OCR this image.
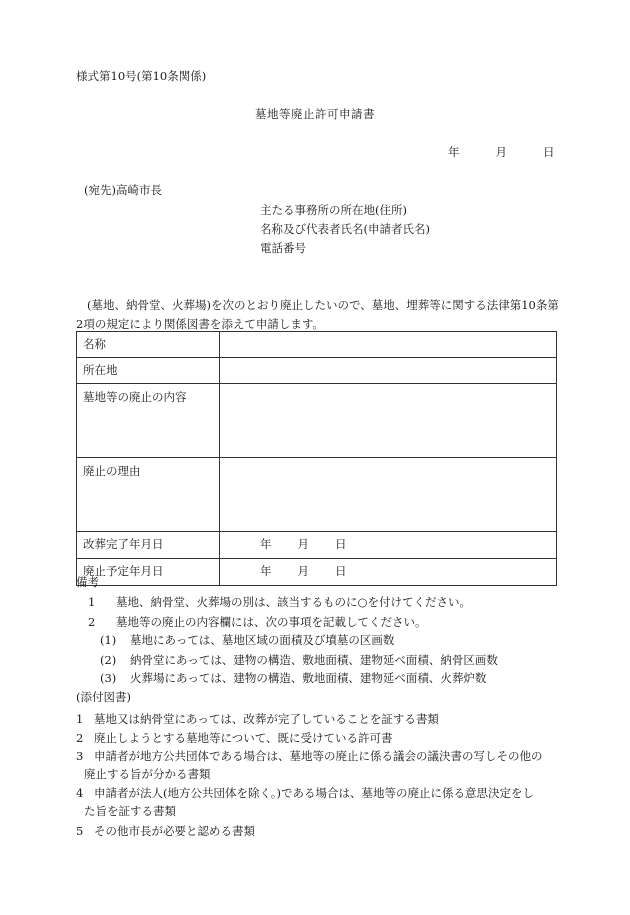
様式第10号(第10条関係)
墓地等廃止許可申請書
年	月	日
(宛先)高崎市長
主たる事務所の所在地(住所)
名称及び代表者氏名(申請者氏名)
電話番号
(墓地、納骨堂、火葬場)を次のとおり廃止したいので、墓地、埋葬等に関する法律第10条第2項の規定により関係図書を添えて申請します。
名称	
所在地	
墓地等の廃止の内容	
廃止の理由	
改葬完了年月日	年 月 日

廃止予定年月日	年 月 日
備考
1 墓地、納骨堂、火葬場の別は、該当するものに○を付けてください。
2 墓地等の廃止の内容欄には、次の事項を記載してください。
(1) 墓地にあっては、墓地区域の面積及び墳墓の区画数
(2) 納骨堂にあっては、建物の構造、敷地面積、建物延べ面積、納骨区画数
(3) 火葬場にあっては、建物の構造、敷地面積、建物延べ面積、火葬炉数
(添付図書)
1 墓地又は納骨堂にあっては、改葬が完了していることを証する書類
2 廃止しようとする墓地等について、既に受けている許可書
3 申請者が地方公共団体である場合は、墓地等の廃止に係る議会の議決書の写しその他の
廃止する旨が分かる書類
4 申請者が法人(地方公共団体を除く。)である場合は、墓地等の廃止に係る意思決定をし
た旨を証する書類
5 その他市長が必要と認める書類
